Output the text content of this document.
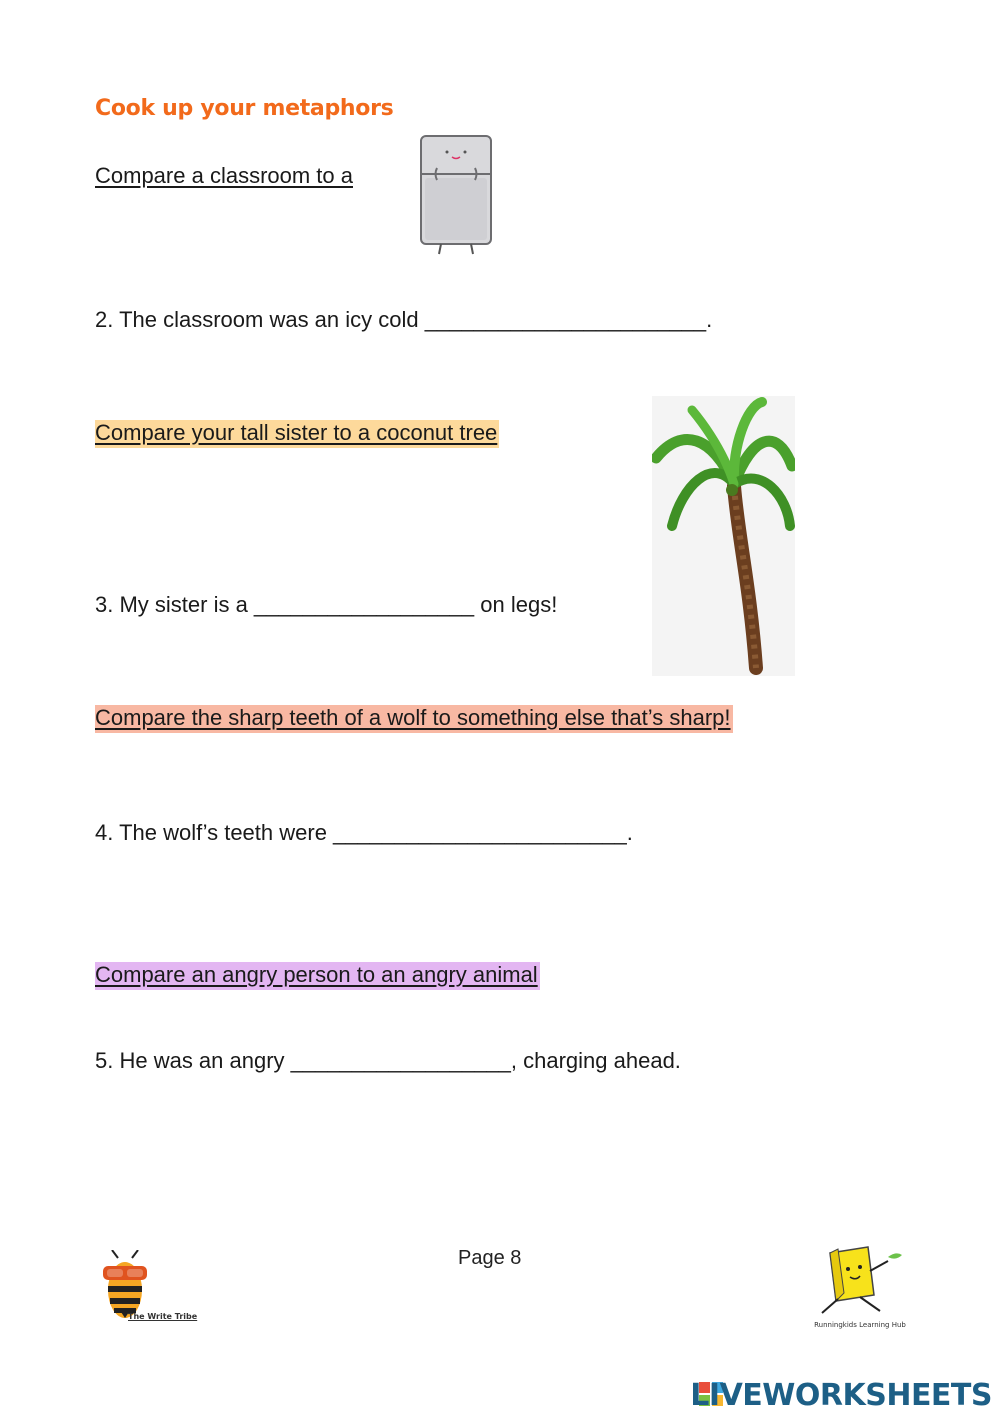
Cook up your metaphors
Compare a classroom to a
2. The classroom was an icy cold _______________________.
Compare your tall sister to a coconut tree
3. My sister is a __________________ on legs!
Compare the sharp teeth of a wolf to something else that’s sharp!
4. The wolf’s teeth were ________________________.
Compare an angry person to an angry animal
5. He was an angry __________________, charging ahead.
Page 8
The Write Tribe
Runningkids Learning Hub
LIVEWORKSHEETS
